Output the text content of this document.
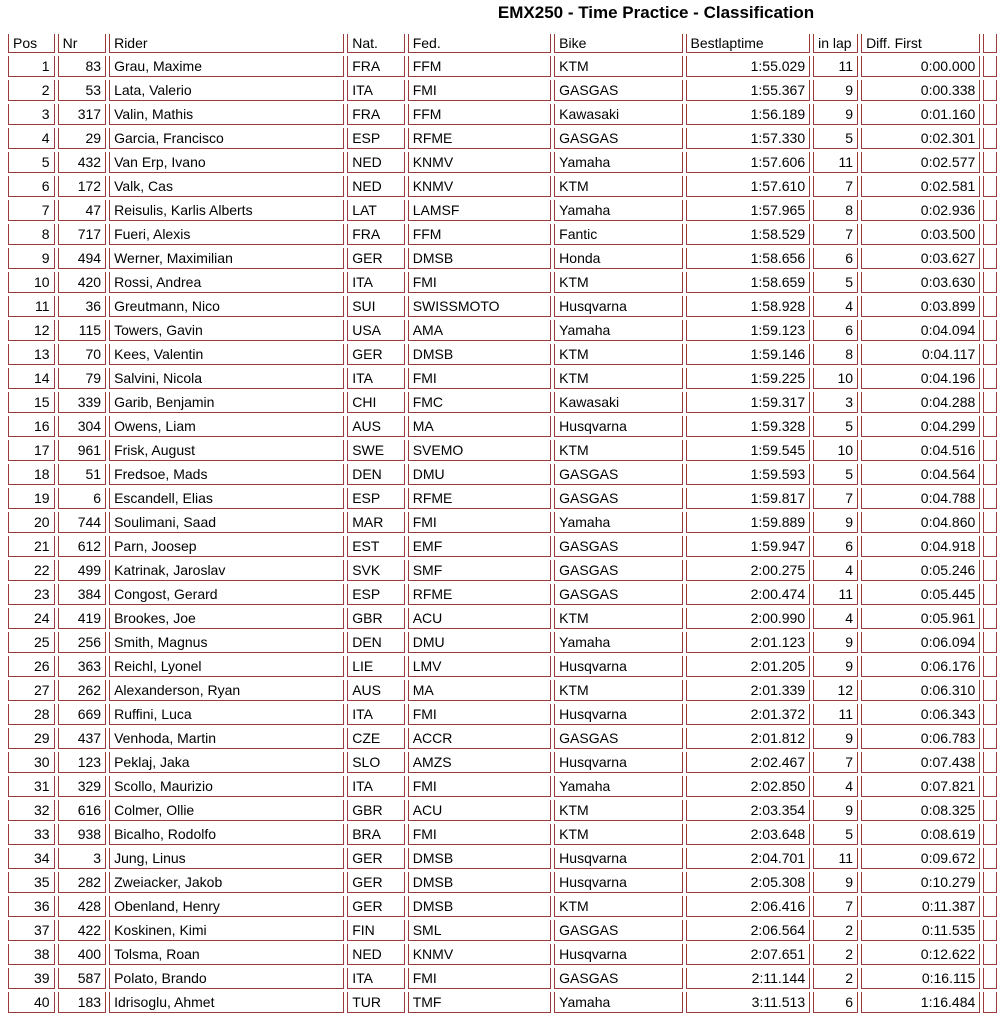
EMX250 - Time Practice - Classification
Pos	Nr	Rider	Nat.	Fed.	Bike	Bestlaptime	in lap	Diff. First	
1	83	Grau, Maxime	FRA	FFM	KTM	1:55.029	11	0:00.000	
2	53	Lata, Valerio	ITA	FMI	GASGAS	1:55.367	9	0:00.338	
3	317	Valin, Mathis	FRA	FFM	Kawasaki	1:56.189	9	0:01.160	
4	29	Garcia, Francisco	ESP	RFME	GASGAS	1:57.330	5	0:02.301	
5	432	Van Erp, Ivano	NED	KNMV	Yamaha	1:57.606	11	0:02.577	
6	172	Valk, Cas	NED	KNMV	KTM	1:57.610	7	0:02.581	
7	47	Reisulis, Karlis Alberts	LAT	LAMSF	Yamaha	1:57.965	8	0:02.936	
8	717	Fueri, Alexis	FRA	FFM	Fantic	1:58.529	7	0:03.500	
9	494	Werner, Maximilian	GER	DMSB	Honda	1:58.656	6	0:03.627	
10	420	Rossi, Andrea	ITA	FMI	KTM	1:58.659	5	0:03.630	
11	36	Greutmann, Nico	SUI	SWISSMOTO	Husqvarna	1:58.928	4	0:03.899	
12	115	Towers, Gavin	USA	AMA	Yamaha	1:59.123	6	0:04.094	
13	70	Kees, Valentin	GER	DMSB	KTM	1:59.146	8	0:04.117	
14	79	Salvini, Nicola	ITA	FMI	KTM	1:59.225	10	0:04.196	
15	339	Garib, Benjamin	CHI	FMC	Kawasaki	1:59.317	3	0:04.288	
16	304	Owens, Liam	AUS	MA	Husqvarna	1:59.328	5	0:04.299	
17	961	Frisk, August	SWE	SVEMO	KTM	1:59.545	10	0:04.516	
18	51	Fredsoe, Mads	DEN	DMU	GASGAS	1:59.593	5	0:04.564	
19	6	Escandell, Elias	ESP	RFME	GASGAS	1:59.817	7	0:04.788	
20	744	Soulimani, Saad	MAR	FMI	Yamaha	1:59.889	9	0:04.860	
21	612	Parn, Joosep	EST	EMF	GASGAS	1:59.947	6	0:04.918	
22	499	Katrinak, Jaroslav	SVK	SMF	GASGAS	2:00.275	4	0:05.246	
23	384	Congost, Gerard	ESP	RFME	GASGAS	2:00.474	11	0:05.445	
24	419	Brookes, Joe	GBR	ACU	KTM	2:00.990	4	0:05.961	
25	256	Smith, Magnus	DEN	DMU	Yamaha	2:01.123	9	0:06.094	
26	363	Reichl, Lyonel	LIE	LMV	Husqvarna	2:01.205	9	0:06.176	
27	262	Alexanderson, Ryan	AUS	MA	KTM	2:01.339	12	0:06.310	
28	669	Ruffini, Luca	ITA	FMI	Husqvarna	2:01.372	11	0:06.343	
29	437	Venhoda, Martin	CZE	ACCR	GASGAS	2:01.812	9	0:06.783	
30	123	Peklaj, Jaka	SLO	AMZS	Husqvarna	2:02.467	7	0:07.438	
31	329	Scollo, Maurizio	ITA	FMI	Yamaha	2:02.850	4	0:07.821	
32	616	Colmer, Ollie	GBR	ACU	KTM	2:03.354	9	0:08.325	
33	938	Bicalho, Rodolfo	BRA	FMI	KTM	2:03.648	5	0:08.619	
34	3	Jung, Linus	GER	DMSB	Husqvarna	2:04.701	11	0:09.672	
35	282	Zweiacker, Jakob	GER	DMSB	Husqvarna	2:05.308	9	0:10.279	
36	428	Obenland, Henry	GER	DMSB	KTM	2:06.416	7	0:11.387	
37	422	Koskinen, Kimi	FIN	SML	GASGAS	2:06.564	2	0:11.535	
38	400	Tolsma, Roan	NED	KNMV	Husqvarna	2:07.651	2	0:12.622	
39	587	Polato, Brando	ITA	FMI	GASGAS	2:11.144	2	0:16.115	
40	183	Idrisoglu, Ahmet	TUR	TMF	Yamaha	3:11.513	6	1:16.484	
